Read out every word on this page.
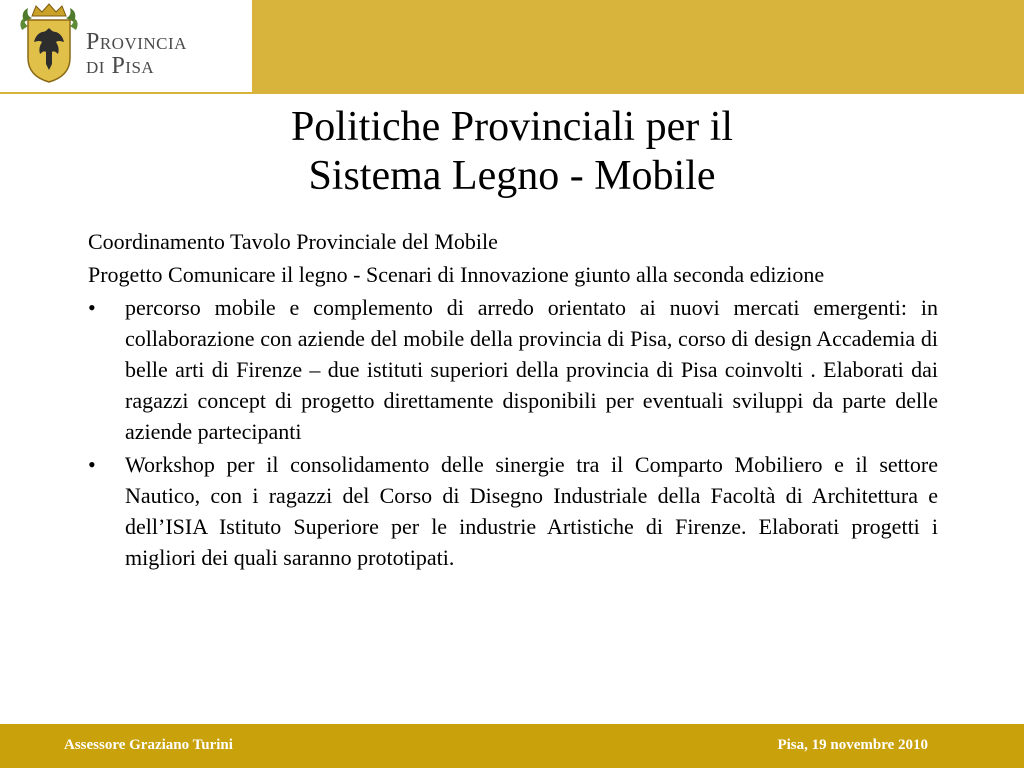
Provincia
di Pisa
Politiche Provinciali per il
Sistema Legno - Mobile

Coordinamento Tavolo Provinciale del Mobile

Progetto Comunicare il legno - Scenari di Innovazione giunto alla seconda edizione

• percorso mobile e complemento di arredo orientato ai nuovi mercati emergenti: in collaborazione con aziende del mobile della provincia di Pisa, corso di design Accademia di belle arti di Firenze – due istituti superiori della provincia di Pisa coinvolti . Elaborati dai ragazzi concept di progetto direttamente disponibili per eventuali sviluppi da parte delle aziende partecipanti
• Workshop per il consolidamento delle sinergie tra il Comparto Mobiliero e il settore Nautico, con i ragazzi del Corso di Disegno Industriale della Facoltà di Architettura e dell’ISIA Istituto Superiore per le industrie Artistiche di Firenze. Elaborati progetti i migliori dei quali saranno prototipati.
Assessore Graziano Turini	Pisa, 19 novembre 2010
